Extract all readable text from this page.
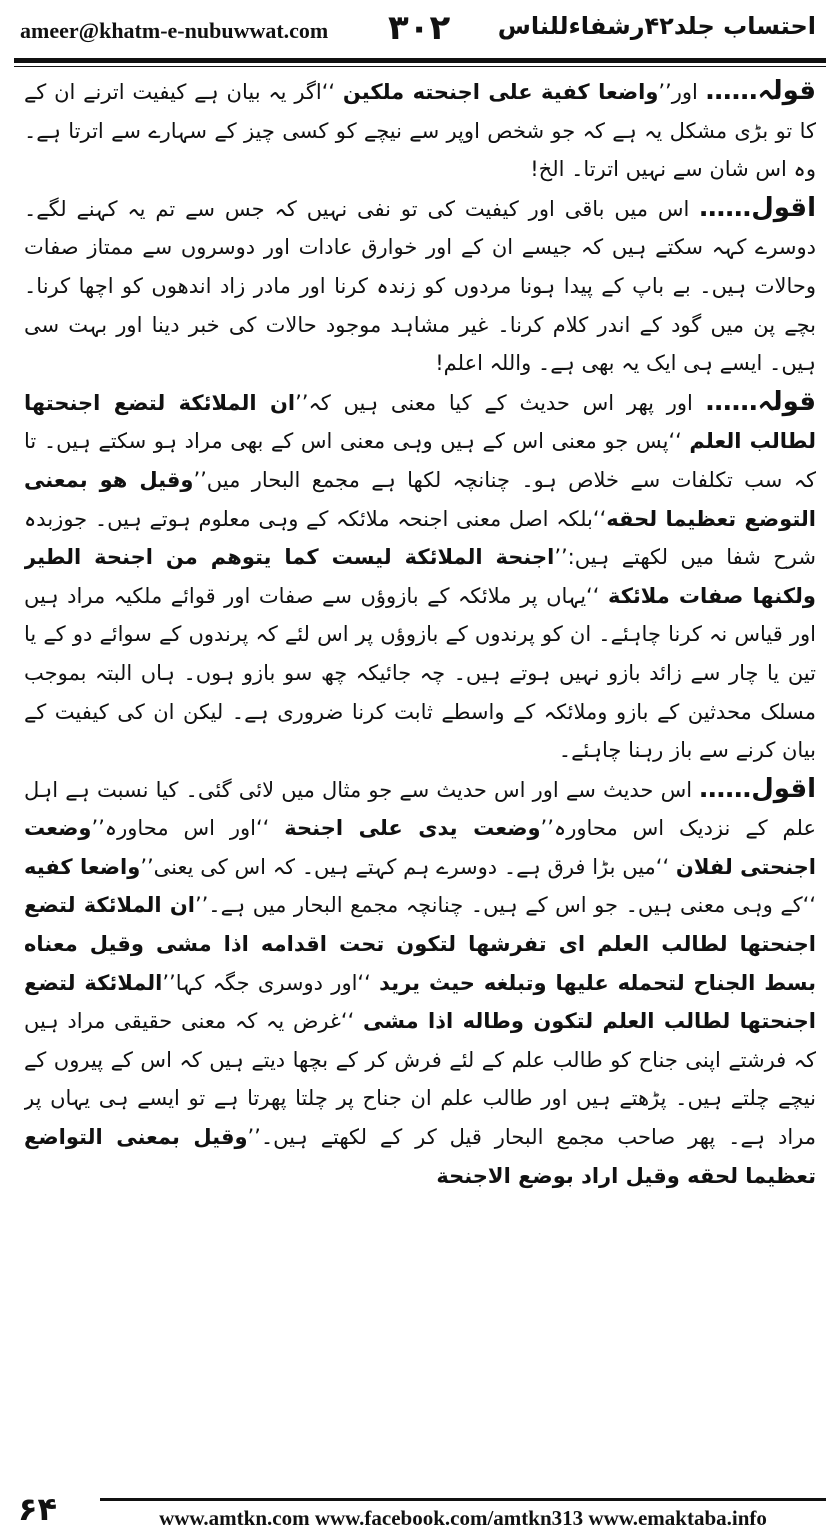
ameer@khatm-e-nubuwwat.com ۳۰۲ احتساب جلد۴۲رشفاءللناس

قولہ…… اور’’واضعا كفية على اجنحته ملكين ‘‘اگر یہ بیان ہے کیفیت اترنے ان کے کا تو بڑی مشکل یہ ہے کہ جو شخص اوپر سے نیچے کو کسی چیز کے سہارے سے اترتا ہے۔ وہ اس شان سے نہیں اترتا۔ الخ!

اقول…… اس میں باقی اور کیفیت کی تو نفی نہیں کہ جس سے تم یہ کہنے لگے۔ دوسرے کہہ سکتے ہیں کہ جیسے ان کے اور خوارق عادات اور دوسروں سے ممتاز صفات وحالات ہیں۔ بے باپ کے پیدا ہونا مردوں کو زندہ کرنا اور مادر زاد اندھوں کو اچھا کرنا۔ بچے پن میں گود کے اندر کلام کرنا۔ غیر مشاہد موجود حالات کی خبر دینا اور بہت سی ہیں۔ ایسے ہی ایک یہ بھی ہے۔ واللہ اعلم!

قولہ…… اور پھر اس حدیث کے کیا معنی ہیں کہ’’ان الملائكة لتضع اجنحتها لطالب العلم ‘‘پس جو معنی اس کے ہیں وہی معنی اس کے بھی مراد ہو سکتے ہیں۔ تا کہ سب تکلفات سے خلاص ہو۔ چنانچہ لکھا ہے مجمع البحار میں’’وقيل هو بمعنى التوضع تعظيما لحقه‘‘بلکہ اصل معنی اجنحہ ملائکہ کے وہی معلوم ہوتے ہیں۔ جوزبدہ شرح شفا میں لکھتے ہیں:’’اجنحة الملائكة ليست كما يتوهم من اجنحة الطير ولكنها صفات ملائكة ‘‘یہاں پر ملائکہ کے بازوؤں سے صفات اور قوائے ملکیہ مراد ہیں اور قیاس نہ کرنا چاہئے۔ ان کو پرندوں کے بازوؤں پر اس لئے کہ پرندوں کے سوائے دو کے یا تین یا چار سے زائد بازو نہیں ہوتے ہیں۔ چہ جائیکہ چھ سو بازو ہوں۔ ہاں البتہ بموجب مسلک محدثین کے بازو وملائکہ کے واسطے ثابت کرنا ضروری ہے۔ لیکن ان کی کیفیت کے بیان کرنے سے باز رہنا چاہئے۔

اقول…… اس حدیث سے اور اس حدیث سے جو مثال میں لائی گئی۔ کیا نسبت ہے اہل علم کے نزدیک اس محاورہ’’وضعت يدى على اجنحة ‘‘اور اس محاورہ’’وضعت اجنحتى لفلان ‘‘میں بڑا فرق ہے۔ دوسرے ہم کہتے ہیں۔ کہ اس کی یعنی’’واضعا كفيه ‘‘کے وہی معنی ہیں۔ جو اس کے ہیں۔ چنانچہ مجمع البحار میں ہے۔’’ان الملائكة لتضع اجنحتها لطالب العلم اى تفرشها لتكون تحت اقدامه اذا مشى وقيل معناه بسط الجناح لتحمله عليها وتبلغه حيث يريد ‘‘اور دوسری جگہ کہا’’الملائكة لتضع اجنحتها لطالب العلم لتكون وطاله اذا مشى ‘‘غرض یہ کہ معنی حقیقی مراد ہیں کہ فرشتے اپنی جناح کو طالب علم کے لئے فرش کر کے بچھا دیتے ہیں کہ اس کے پیروں کے نیچے چلتے ہیں۔ پڑھتے ہیں اور طالب علم ان جناح پر چلتا پھرتا ہے تو ایسے ہی یہاں پر مراد ہے۔ پھر صاحب مجمع البحار قیل کر کے لکھتے ہیں۔’’وقيل بمعنى التواضع تعظيما لحقه وقيل اراد بوضع الاجنحة

۶۴	www.amtkn.com www.facebook.com/amtkn313 www.emaktaba.info
